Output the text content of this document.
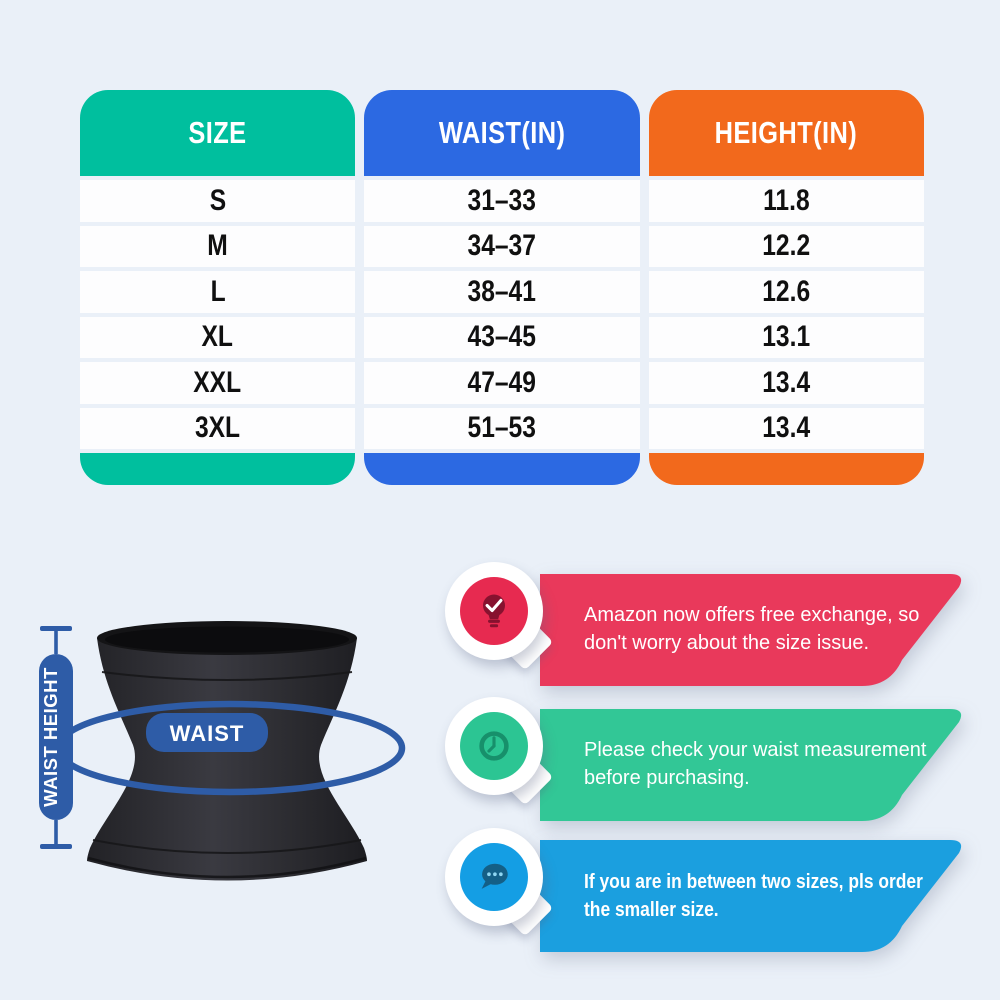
SIZE
S
M
L
XL
XXL
3XL
WAIST(IN)
31–33
34–37
38–41
43–45
47–49
51–53
HEIGHT(IN)
11.8
12.2
12.6
13.1
13.4
13.4
WAIST
WAIST HEIGHT
Amazon now offers free exchange, so don't worry about the size issue.
Please check your waist measurement before purchasing.
If you are in between two sizes, pls order the smaller size.
